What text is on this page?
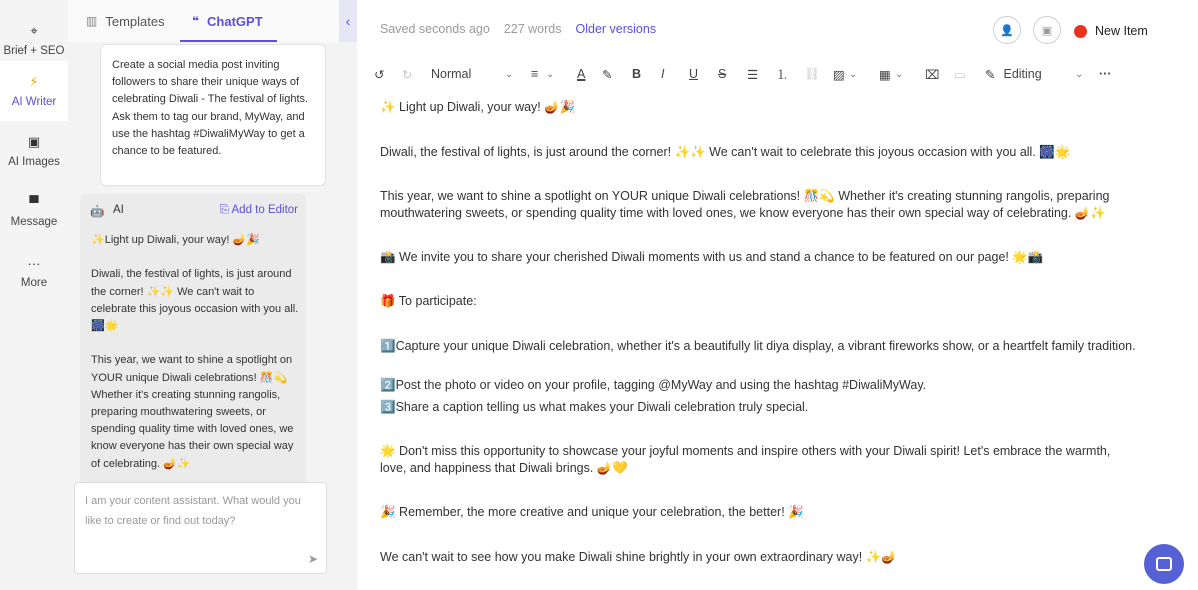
⌖
Brief + SEO
⚡
AI Writer
▣
AI Images
▀
Message
···
More
▥ Templates ❝ ChatGPT	‹
Create a social media post inviting followers to share their unique ways of celebrating Diwali - The festival of lights. Ask them to tag our brand, MyWay, and use the hashtag #DiwaliMyWay to get a chance to be featured.
🤖 AI	⎘ Add to Editor

✨Light up Diwali, your way! 🪔🎉

Diwali, the festival of lights, is just around the corner! ✨✨ We can't wait to celebrate this joyous occasion with you all. 🎆🌟

This year, we want to shine a spotlight on YOUR unique Diwali celebrations! 🎊💫 Whether it's creating stunning rangolis, preparing mouthwatering sweets, or spending quality time with loved ones, we know everyone has their own special way of celebrating. 🪔✨

I am your content assistant. What would you like to create or find out today?
➤
Saved seconds ago 227 words Older versions	👤	▣	New Item
↺ ↻ Normal	⌄ ≡ ⌄ A ✎ B I U S ☰ ⒈ ⛓ ▨ ⌄ ▦ ⌄ ⌧ ▭ ✎ Editing	⌄ ···
✨ Light up Diwali, your way! 🪔🎉
Diwali, the festival of lights, is just around the corner! ✨✨ We can't wait to celebrate this joyous occasion with you all. 🎆🌟
This year, we want to shine a spotlight on YOUR unique Diwali celebrations! 🎊💫 Whether it's creating stunning rangolis, preparing mouthwatering sweets, or spending quality time with loved ones, we know everyone has their own special way of celebrating. 🪔✨
📸 We invite you to share your cherished Diwali moments with us and stand a chance to be featured on our page! 🌟📸
🎁 To participate:
1️⃣Capture your unique Diwali celebration, whether it's a beautifully lit diya display, a vibrant fireworks show, or a heartfelt family tradition.
2️⃣Post the photo or video on your profile, tagging @MyWay and using the hashtag #DiwaliMyWay.
3️⃣Share a caption telling us what makes your Diwali celebration truly special.
🌟 Don't miss this opportunity to showcase your joyful moments and inspire others with your Diwali spirit! Let's embrace the warmth, love, and happiness that Diwali brings. 🪔💛
🎉 Remember, the more creative and unique your celebration, the better! 🎉
We can't wait to see how you make Diwali shine brightly in your own extraordinary way! ✨🪔
